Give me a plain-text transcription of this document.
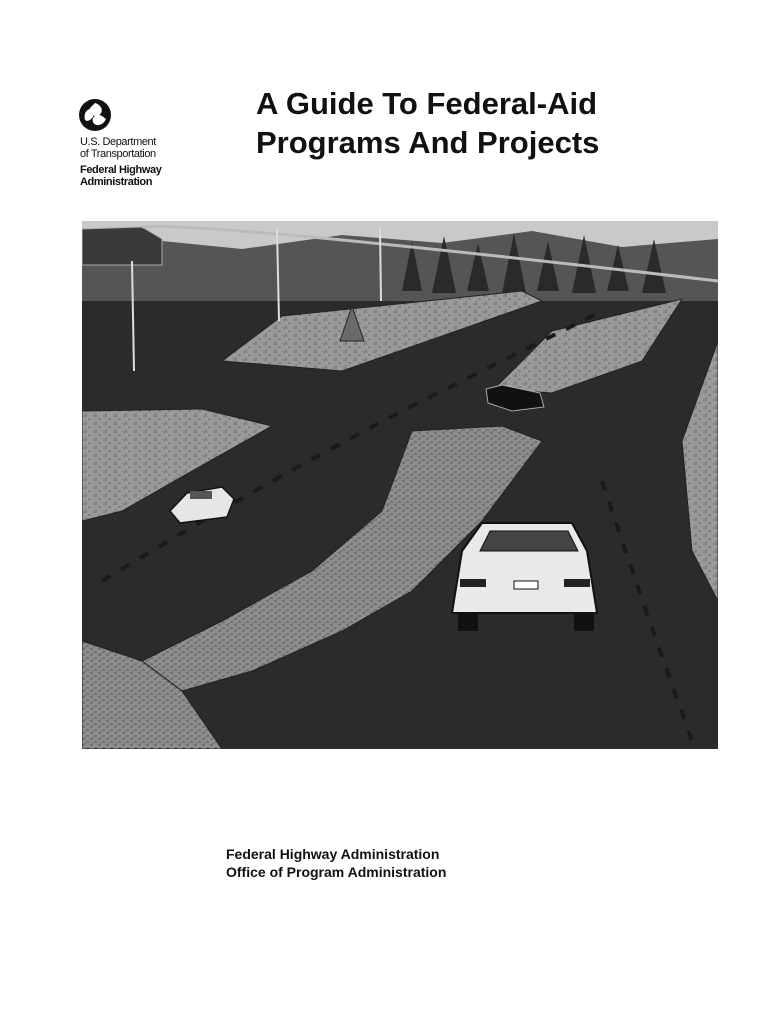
U.S. Department
of Transportation
Federal Highway
Administration
A Guide To Federal-Aid
Programs And Projects
Federal Highway Administration
Office of Program Administration
